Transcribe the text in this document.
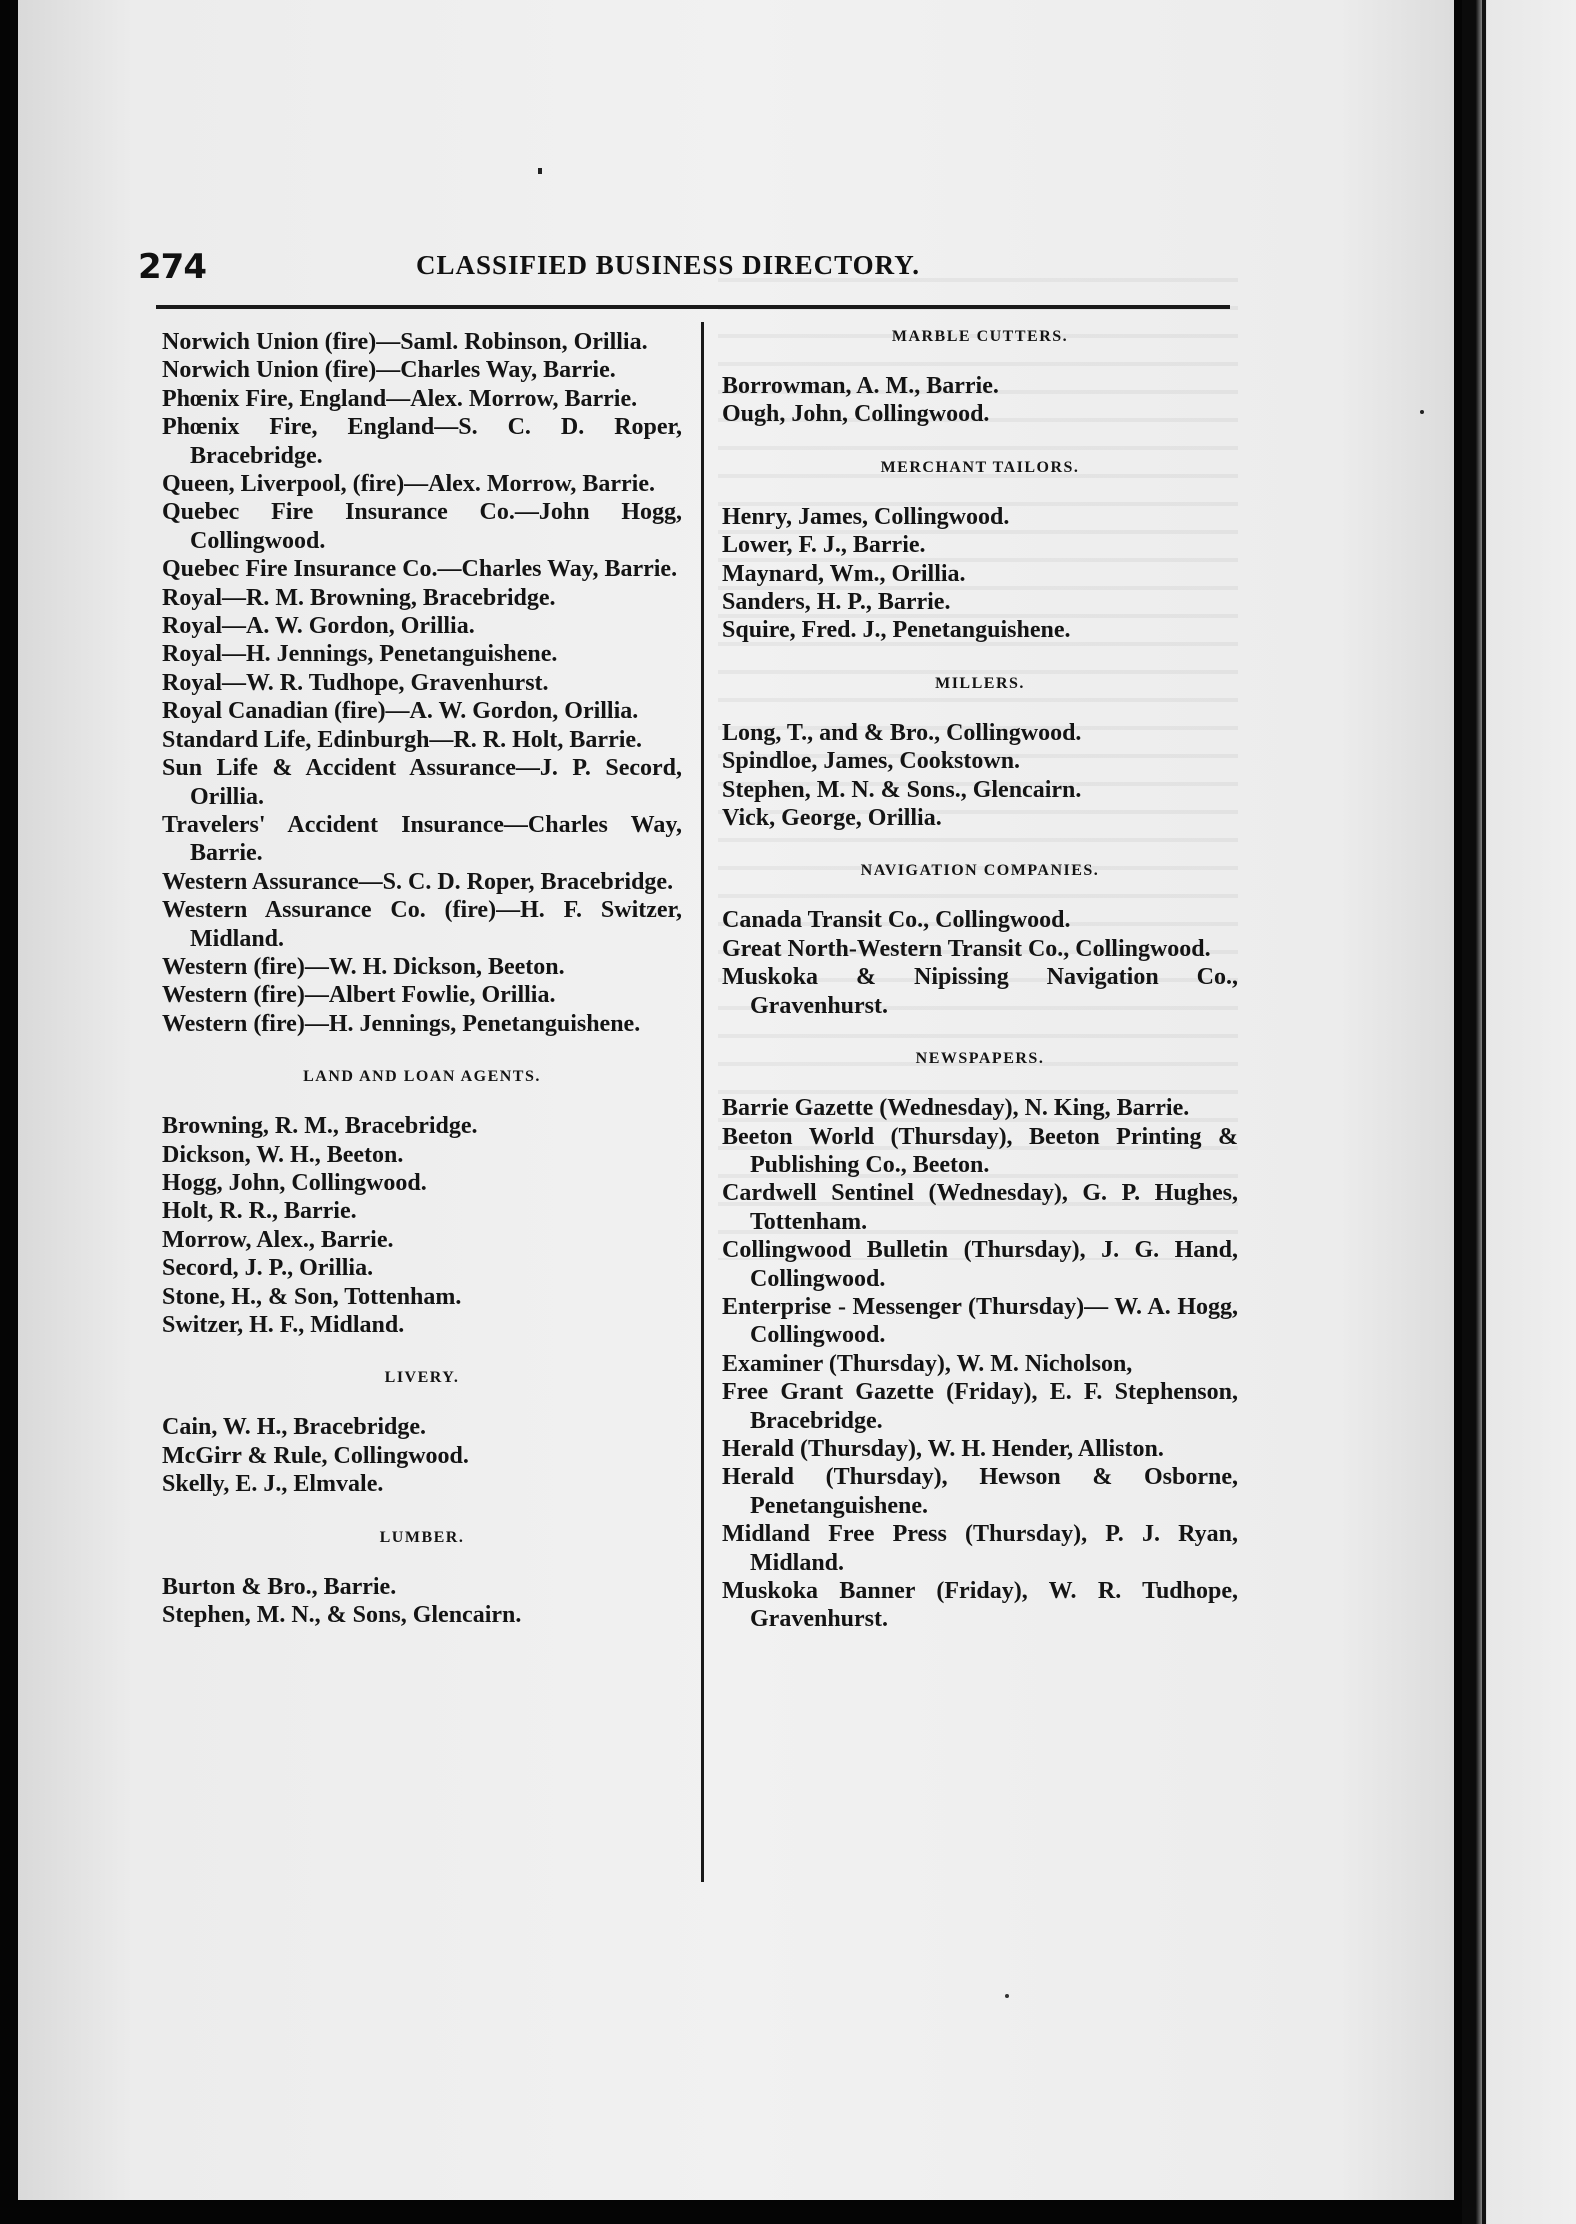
274	CLASSIFIED BUSINESS DIRECTORY.

Norwich Union (fire)—Saml. Robinson, Orillia.

Norwich Union (fire)—Charles Way, Barrie.

Phœnix Fire, England—Alex. Morrow, Barrie.

Phœnix Fire, England—S. C. D. Roper, Bracebridge.

Queen, Liverpool, (fire)—Alex. Morrow, Barrie.

Quebec Fire Insurance Co.—John Hogg, Collingwood.

Quebec Fire Insurance Co.—Charles Way, Barrie.

Royal—R. M. Browning, Bracebridge.

Royal—A. W. Gordon, Orillia.

Royal—H. Jennings, Penetanguishene.

Royal—W. R. Tudhope, Gravenhurst.

Royal Canadian (fire)—A. W. Gordon, Orillia.

Standard Life, Edinburgh—R. R. Holt, Barrie.

Sun Life & Accident Assurance—J. P. Secord, Orillia.

Travelers' Accident Insurance—Charles Way, Barrie.

Western Assurance—S. C. D. Roper, Bracebridge.

Western Assurance Co. (fire)—H. F. Switzer, Midland.

Western (fire)—W. H. Dickson, Beeton.

Western (fire)—Albert Fowlie, Orillia.

Western (fire)—H. Jennings, Penetanguishene.

LAND AND LOAN AGENTS.

Browning, R. M., Bracebridge.

Dickson, W. H., Beeton.

Hogg, John, Collingwood.

Holt, R. R., Barrie.

Morrow, Alex., Barrie.

Secord, J. P., Orillia.

Stone, H., & Son, Tottenham.

Switzer, H. F., Midland.

LIVERY.

Cain, W. H., Bracebridge.

McGirr & Rule, Collingwood.

Skelly, E. J., Elmvale.

LUMBER.

Burton & Bro., Barrie.

Stephen, M. N., & Sons, Glencairn.

MARBLE CUTTERS.

Borrowman, A. M., Barrie.

Ough, John, Collingwood.

MERCHANT TAILORS.

Henry, James, Collingwood.

Lower, F. J., Barrie.

Maynard, Wm., Orillia.

Sanders, H. P., Barrie.

Squire, Fred. J., Penetanguishene.

MILLERS.

Long, T., and & Bro., Collingwood.

Spindloe, James, Cookstown.

Stephen, M. N. & Sons., Glencairn.

Vick, George, Orillia.

NAVIGATION COMPANIES.

Canada Transit Co., Collingwood.

Great North-Western Transit Co., Collingwood.

Muskoka & Nipissing Navigation Co., Gravenhurst.

NEWSPAPERS.

Barrie Gazette (Wednesday), N. King, Barrie.

Beeton World (Thursday), Beeton Printing & Publishing Co., Beeton.

Cardwell Sentinel (Wednesday), G. P. Hughes, Tottenham.

Collingwood Bulletin (Thursday), J. G. Hand, Collingwood.

Enterprise - Messenger (Thursday)— W. A. Hogg, Collingwood.

Examiner (Thursday), W. M. Nicholson,

Free Grant Gazette (Friday), E. F. Stephenson, Bracebridge.

Herald (Thursday), W. H. Hender, Alliston.

Herald (Thursday), Hewson & Osborne, Penetanguishene.

Midland Free Press (Thursday), P. J. Ryan, Midland.

Muskoka Banner (Friday), W. R. Tudhope, Gravenhurst.
